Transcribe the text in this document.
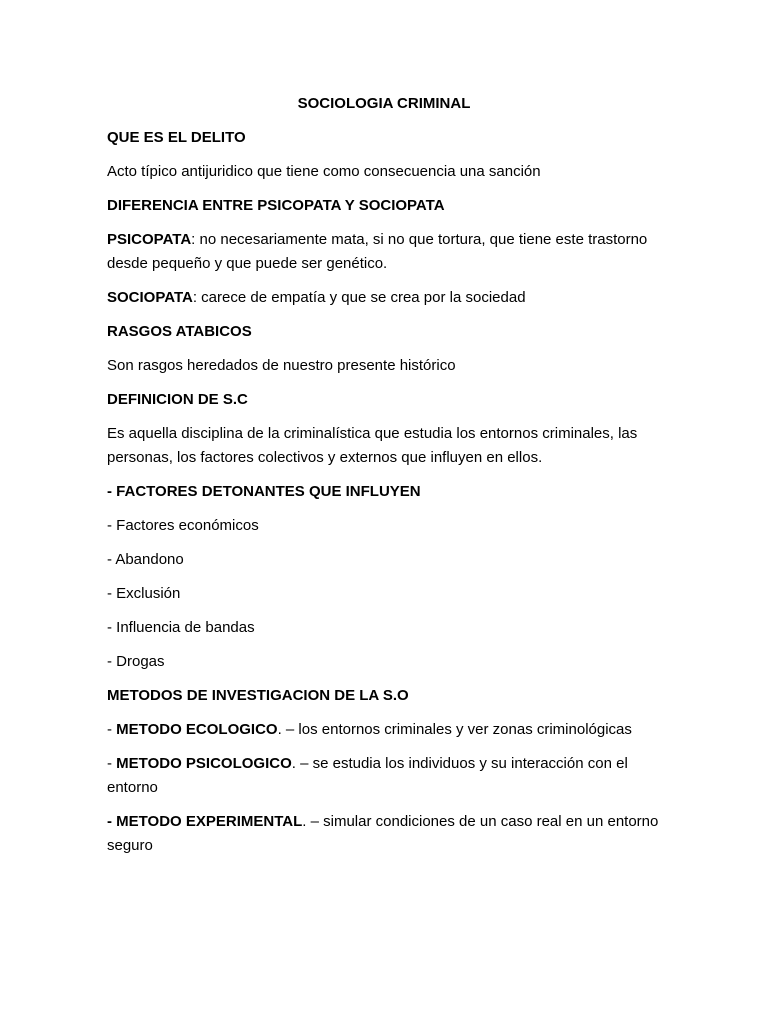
SOCIOLOGIA CRIMINAL

QUE ES EL DELITO

Acto típico antijuridico que tiene como consecuencia una sanción

DIFERENCIA ENTRE PSICOPATA Y SOCIOPATA

PSICOPATA: no necesariamente mata, si no que tortura, que tiene este trastorno desde pequeño y que puede ser genético.

SOCIOPATA: carece de empatía y que se crea por la sociedad

RASGOS ATABICOS

Son rasgos heredados de nuestro presente histórico

DEFINICION DE S.C

Es aquella disciplina de la criminalística que estudia los entornos criminales, las personas, los factores colectivos y externos que influyen en ellos.

- FACTORES DETONANTES QUE INFLUYEN

- Factores económicos

- Abandono

- Exclusión

- Influencia de bandas

- Drogas

METODOS DE INVESTIGACION DE LA S.O

- METODO ECOLOGICO. – los entornos criminales y ver zonas criminológicas

- METODO PSICOLOGICO. – se estudia los individuos y su interacción con el entorno

- METODO EXPERIMENTAL. – simular condiciones de un caso real en un entorno seguro
